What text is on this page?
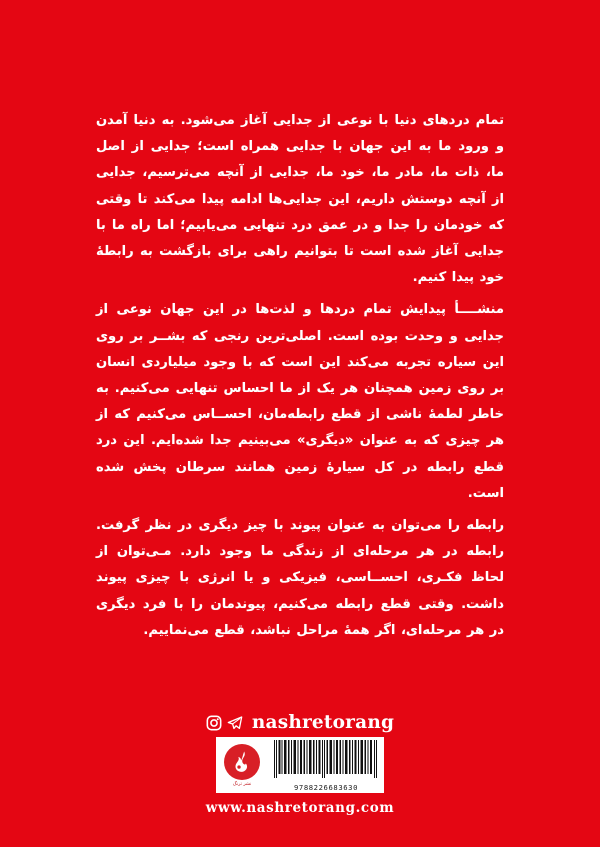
تمام دردهای دنیا با نوعی از جدایی آغاز می‌شود. به دنیا آمدن و ورود ما به این جهان با جدایی همراه است؛ جدایی از اصل ما، ذات ما، مادر ما، خود ما، جدایی از آنچه می‌ترسیم، جدایی از آنچه دوستش داریم، این جدایی‌ها ادامه پیدا می‌کند تا وقتی که خودمان را جدا و در عمق درد تنهایی می‌یابیم؛ اما راه ما با جدایی آغاز شده است تا بتوانیم راهی برای بازگشت به رابطهٔ خود پیدا کنیم.

منشــــأ پیدایش تمام دردها و لذت‌ها در این جهان نوعی از جدایی و وحدت بوده است. اصلی‌ترین رنجی که بشــر بر روی این سیاره تجربه می‌کند این است که با وجود میلیاردی انسان بر روی زمین همچنان هر یک از ما احساس تنهایی می‌کنیم. به خاطر لطمهٔ ناشی از قطع رابطه‌مان، احســاس می‌کنیم که از هر چیزی که به عنوان «دیگری» می‌بینیم جدا شده‌ایم. این درد قطع رابطه در کل سیارهٔ زمین همانند سرطان پخش شده است.

رابطه را می‌توان به عنوان پیوند با چیز دیگری در نظر گرفت. رابطه در هر مرحله‌ای از زندگی ما وجود دارد. مـی‌توان از لحاظ فکـری، احســاسی، فیزیکی و یا انرژی با چیزی پیوند داشت. وقتی قطع رابطه می‌کنیم، پیوندمان را با فرد دیگری در هر مرحله‌ای، اگر همهٔ مراحل نباشد، قطع می‌نماییم.

nashretorang
نشر ترنگ	9788226683630
www.nashretorang.com
